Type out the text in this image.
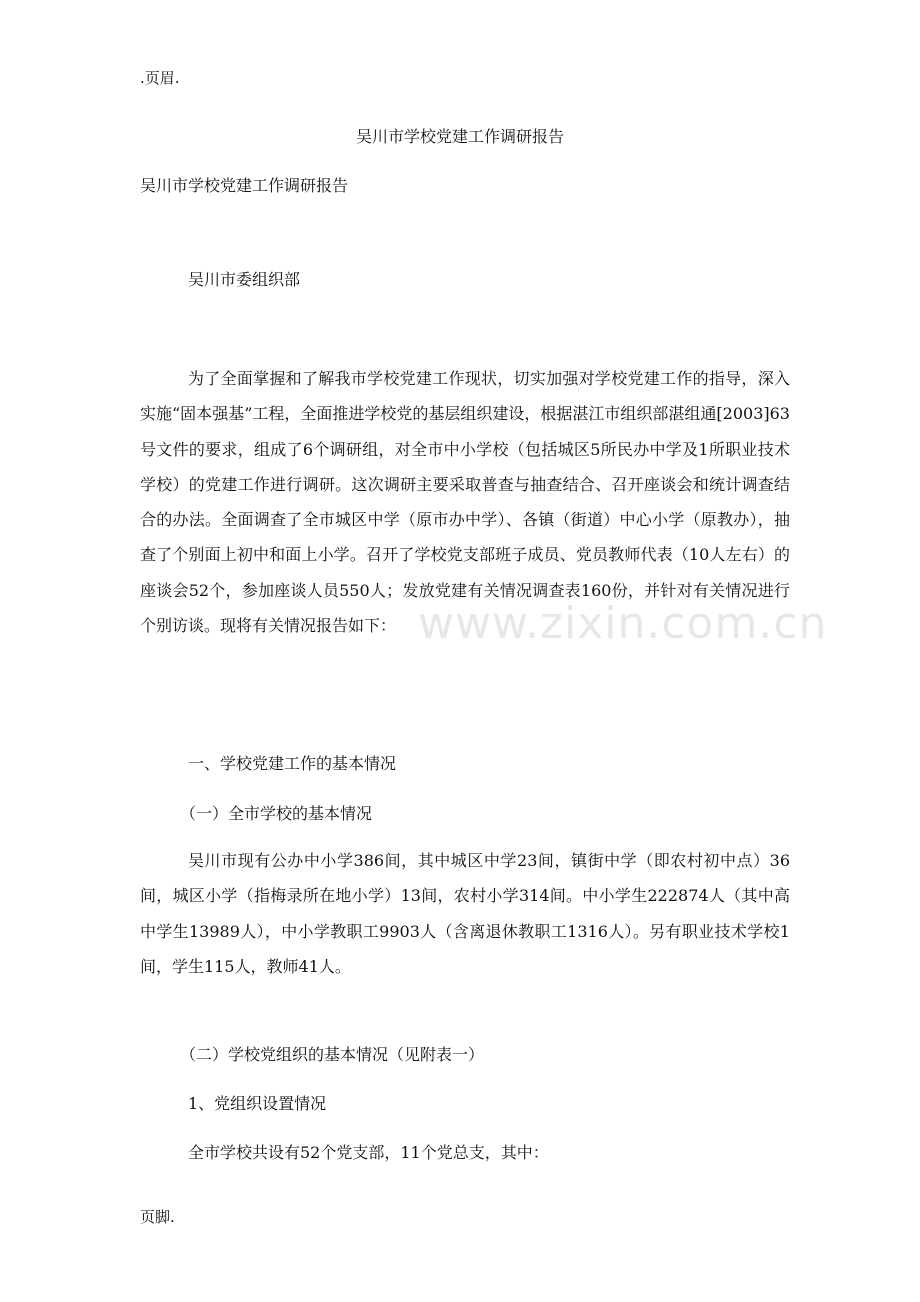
.页眉.
吴川市学校党建工作调研报告
吴川市学校党建工作调研报告
吴川市委组织部
为了全面掌握和了解我市学校党建工作现状，切实加强对学校党建工作的指导，深入实施“固本强基”工程，全面推进学校党的基层组织建设，根据湛江市组织部湛组通[2003]63号文件的要求，组成了6个调研组，对全市中小学校（包括城区5所民办中学及1所职业技术学校）的党建工作进行调研。这次调研主要采取普查与抽查结合、召开座谈会和统计调查结合的办法。全面调查了全市城区中学（原市办中学）、各镇（街道）中心小学（原教办），抽查了个别面上初中和面上小学。召开了学校党支部班子成员、党员教师代表（10人左右）的座谈会52个，参加座谈人员550人；发放党建有关情况调查表160份，并针对有关情况进行个别访谈。现将有关情况报告如下：
一、学校党建工作的基本情况
（一）全市学校的基本情况
吴川市现有公办中小学386间，其中城区中学23间，镇街中学（即农村初中点）36间，城区小学（指梅录所在地小学）13间，农村小学314间。中小学生222874人（其中高中学生13989人），中小学教职工9903人（含离退休教职工1316人）。另有职业技术学校1间，学生115人，教师41人。
（二）学校党组织的基本情况（见附表一）
1、党组织设置情况
全市学校共设有52个党支部，11个党总支，其中：
www.zixin.com.cn
页脚.
